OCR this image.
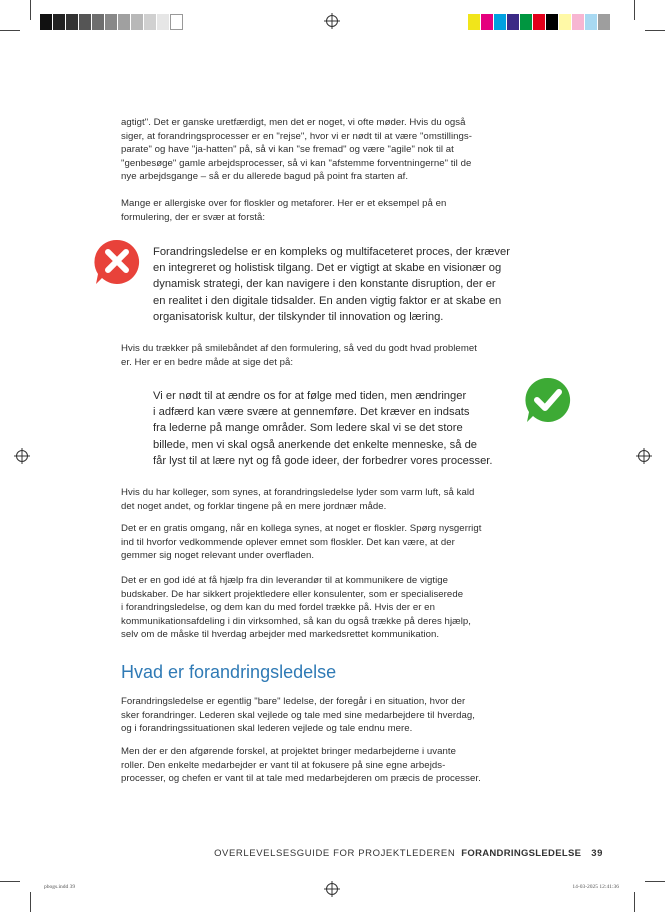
agtigt". Det er ganske uretfærdigt, men det er noget, vi ofte møder. Hvis du også
siger, at forandringsprocesser er en "rejse", hvor vi er nødt til at være "omstillings-
parate" og have "ja-hatten" på, så vi kan "se fremad" og være "agile" nok til at
"genbesøge" gamle arbejdsprocesser, så vi kan "afstemme forventningerne" til de
nye arbejdsgange – så er du allerede bagud på point fra starten af.

Mange er allergiske over for floskler og metaforer. Her er et eksempel på en
formulering, der er svær at forstå:

Forandringsledelse er en kompleks og multifaceteret proces, der kræver
en integreret og holistisk tilgang. Det er vigtigt at skabe en visionær og
dynamisk strategi, der kan navigere i den konstante disruption, der er
en realitet i den digitale tidsalder. En anden vigtig faktor er at skabe en
organisatorisk kultur, der tilskynder til innovation og læring.

Hvis du trækker på smilebåndet af den formulering, så ved du godt hvad problemet
er. Her er en bedre måde at sige det på:

Vi er nødt til at ændre os for at følge med tiden, men ændringer
i adfærd kan være svære at gennemføre. Det kræver en indsats
fra lederne på mange områder. Som ledere skal vi se det store
billede, men vi skal også anerkende det enkelte menneske, så de
får lyst til at lære nyt og få gode ideer, der forbedrer vores processer.

Hvis du har kolleger, som synes, at forandringsledelse lyder som varm luft, så kald
det noget andet, og forklar tingene på en mere jordnær måde.

Det er en gratis omgang, når en kollega synes, at noget er floskler. Spørg nysgerrigt
ind til hvorfor vedkommende oplever emnet som floskler. Det kan være, at der
gemmer sig noget relevant under overfladen.

Det er en god idé at få hjælp fra din leverandør til at kommunikere de vigtige
budskaber. De har sikkert projektledere eller konsulenter, som er specialiserede
i forandringsledelse, og dem kan du med fordel trække på. Hvis der er en
kommunikationsafdeling i din virksomhed, så kan du også trække på deres hjælp,
selv om de måske til hverdag arbejder med markedsrettet kommunikation.

Hvad er forandringsledelse

Forandringsledelse er egentlig "bare" ledelse, der foregår i en situation, hvor der
sker forandringer. Lederen skal vejlede og tale med sine medarbejdere til hverdag,
og i forandringssituationen skal lederen vejlede og tale endnu mere.

Men der er den afgørende forskel, at projektet bringer medarbejderne i uvante
roller. Den enkelte medarbejder er vant til at fokusere på sine egne arbejds-
processer, og chefen er vant til at tale med medarbejderen om præcis de processer.

OVERLEVELSESGUIDE FOR PROJEKTLEDEREN FORANDRINGSLEDELSE 39
pbogs.indd 39	14-03-2025 12:41:36
